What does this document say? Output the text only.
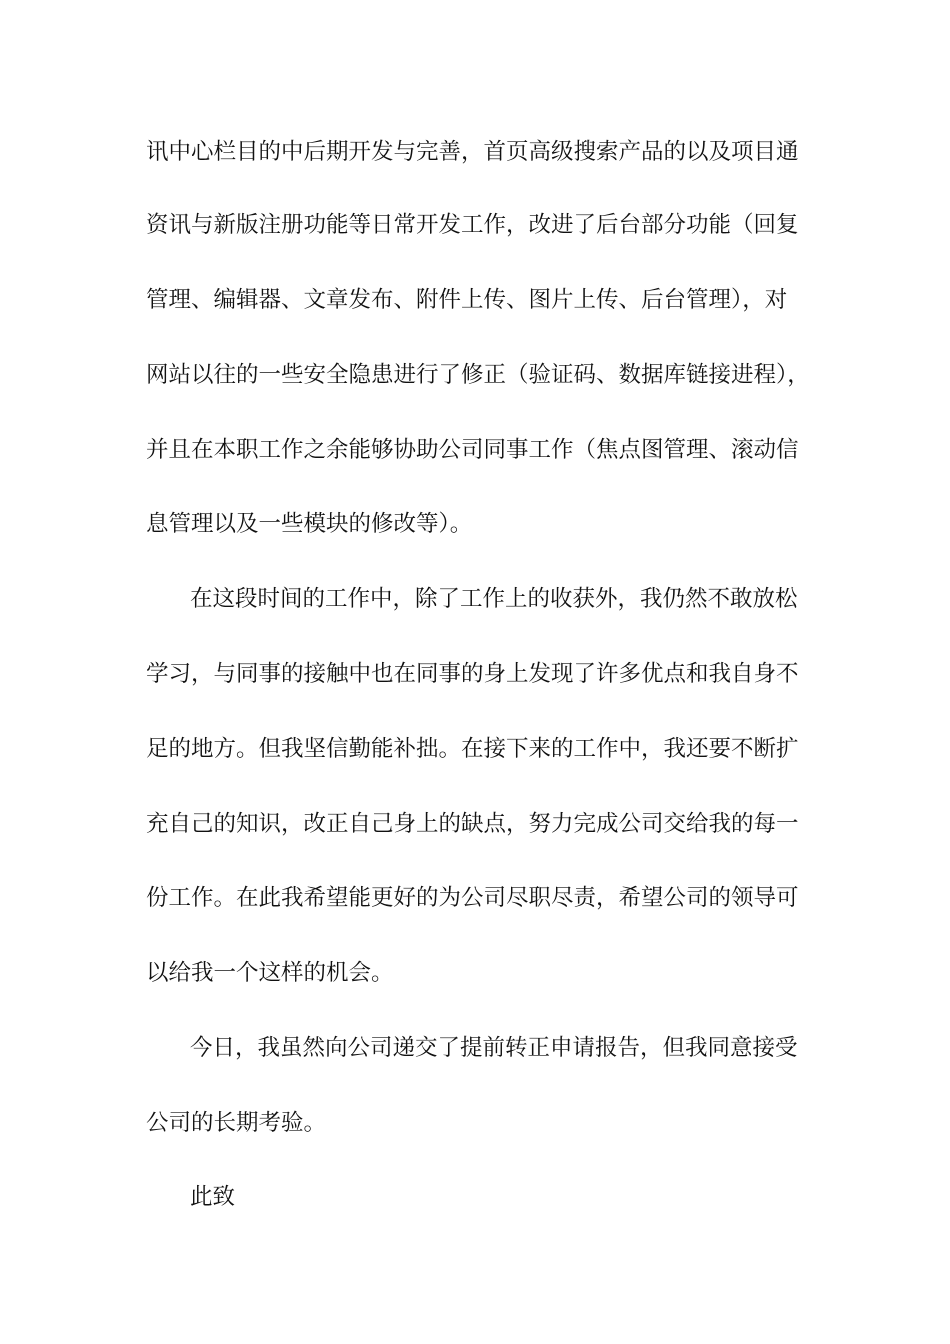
讯中心栏目的中后期开发与完善，首页高级搜索产品的以及项目通
资讯与新版注册功能等日常开发工作，改进了后台部分功能（回复
管理、编辑器、文章发布、附件上传、图片上传、后台管理），对
网站以往的一些安全隐患进行了修正（验证码、数据库链接进程），
并且在本职工作之余能够协助公司同事工作（焦点图管理、滚动信
息管理以及一些模块的修改等）。
在这段时间的工作中，除了工作上的收获外，我仍然不敢放松
学习，与同事的接触中也在同事的身上发现了许多优点和我自身不
足的地方。但我坚信勤能补拙。在接下来的工作中，我还要不断扩
充自己的知识，改正自己身上的缺点，努力完成公司交给我的每一
份工作。在此我希望能更好的为公司尽职尽责，希望公司的领导可
以给我一个这样的机会。
今日，我虽然向公司递交了提前转正申请报告，但我同意接受
公司的长期考验。
此致
